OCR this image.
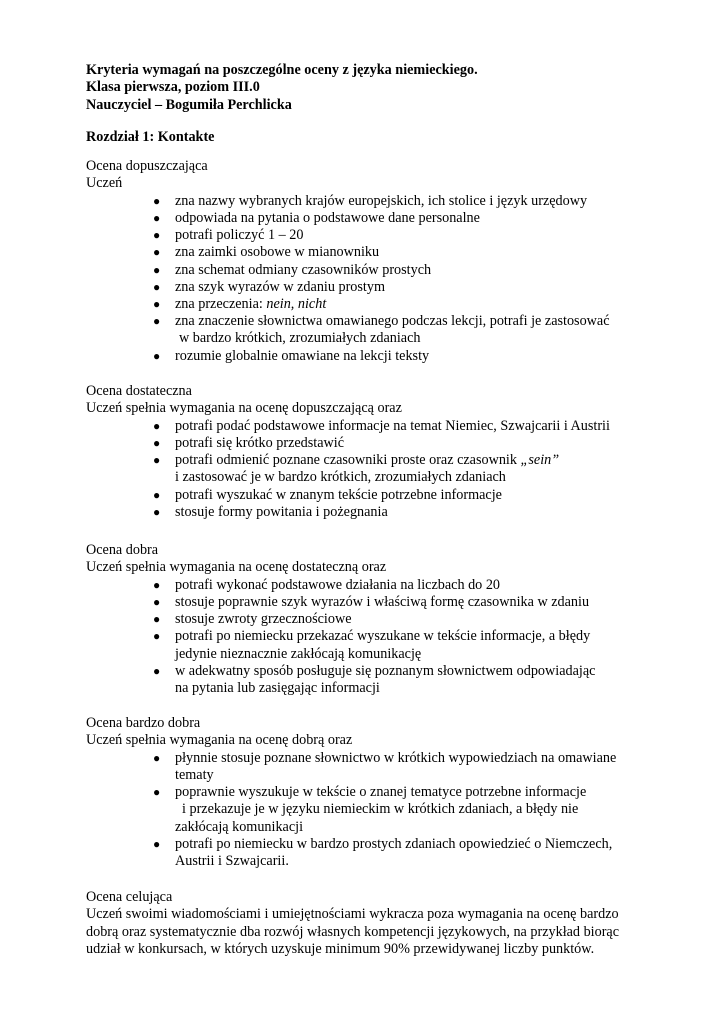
Kryteria wymagań na poszczególne oceny z języka niemieckiego.
Klasa pierwsza, poziom III.0
Nauczyciel – Bogumiła Perchlicka
Rozdział 1: Kontakte
Ocena dopuszczająca
Uczeń
● zna nazwy wybranych krajów europejskich, ich stolice i język urzędowy
● odpowiada na pytania o podstawowe dane personalne
● potrafi policzyć 1 – 20
● zna zaimki osobowe w mianowniku
● zna schemat odmiany czasowników prostych
● zna szyk wyrazów w zdaniu prostym
● zna przeczenia: nein, nicht
● zna znaczenie słownictwa omawianego podczas lekcji, potrafi je zastosować
w bardzo krótkich, zrozumiałych zdaniach
● rozumie globalnie omawiane na lekcji teksty
Ocena dostateczna
Uczeń spełnia wymagania na ocenę dopuszczającą oraz
● potrafi podać podstawowe informacje na temat Niemiec, Szwajcarii i Austrii
● potrafi się krótko przedstawić
● potrafi odmienić poznane czasowniki proste oraz czasownik „sein”
i zastosować je w bardzo krótkich, zrozumiałych zdaniach
● potrafi wyszukać w znanym tekście potrzebne informacje
● stosuje formy powitania i pożegnania
Ocena dobra
Uczeń spełnia wymagania na ocenę dostateczną oraz
● potrafi wykonać podstawowe działania na liczbach do 20
● stosuje poprawnie szyk wyrazów i właściwą formę czasownika w zdaniu
● stosuje zwroty grzecznościowe
● potrafi po niemiecku przekazać wyszukane w tekście informacje, a błędy
jedynie nieznacznie zakłócają komunikację
● w adekwatny sposób posługuje się poznanym słownictwem odpowiadając
na pytania lub zasięgając informacji
Ocena bardzo dobra
Uczeń spełnia wymagania na ocenę dobrą oraz
● płynnie stosuje poznane słownictwo w krótkich wypowiedziach na omawiane
tematy
● poprawnie wyszukuje w tekście o znanej tematyce potrzebne informacje
i przekazuje je w języku niemieckim w krótkich zdaniach, a błędy nie
zakłócają komunikacji
● potrafi po niemiecku w bardzo prostych zdaniach opowiedzieć o Niemczech,
Austrii i Szwajcarii.
Ocena celująca
Uczeń swoimi wiadomościami i umiejętnościami wykracza poza wymagania na ocenę bardzo
dobrą oraz systematycznie dba rozwój własnych kompetencji językowych, na przykład biorąc
udział w konkursach, w których uzyskuje minimum 90% przewidywanej liczby punktów.
